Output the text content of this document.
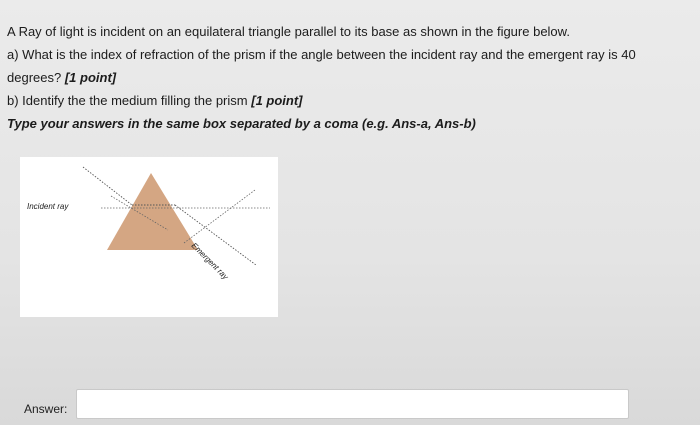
A Ray of light is incident on an equilateral triangle parallel to its base as shown in the figure below.
a) What is the index of refraction of the prism if the angle between the incident ray and the emergent ray is 40
degrees? [1 point]
b) Identify the the medium filling the prism [1 point]
Type your answers in the same box separated by a coma (e.g. Ans-a, Ans-b)
Incident ray
Emergent ray
Answer:
